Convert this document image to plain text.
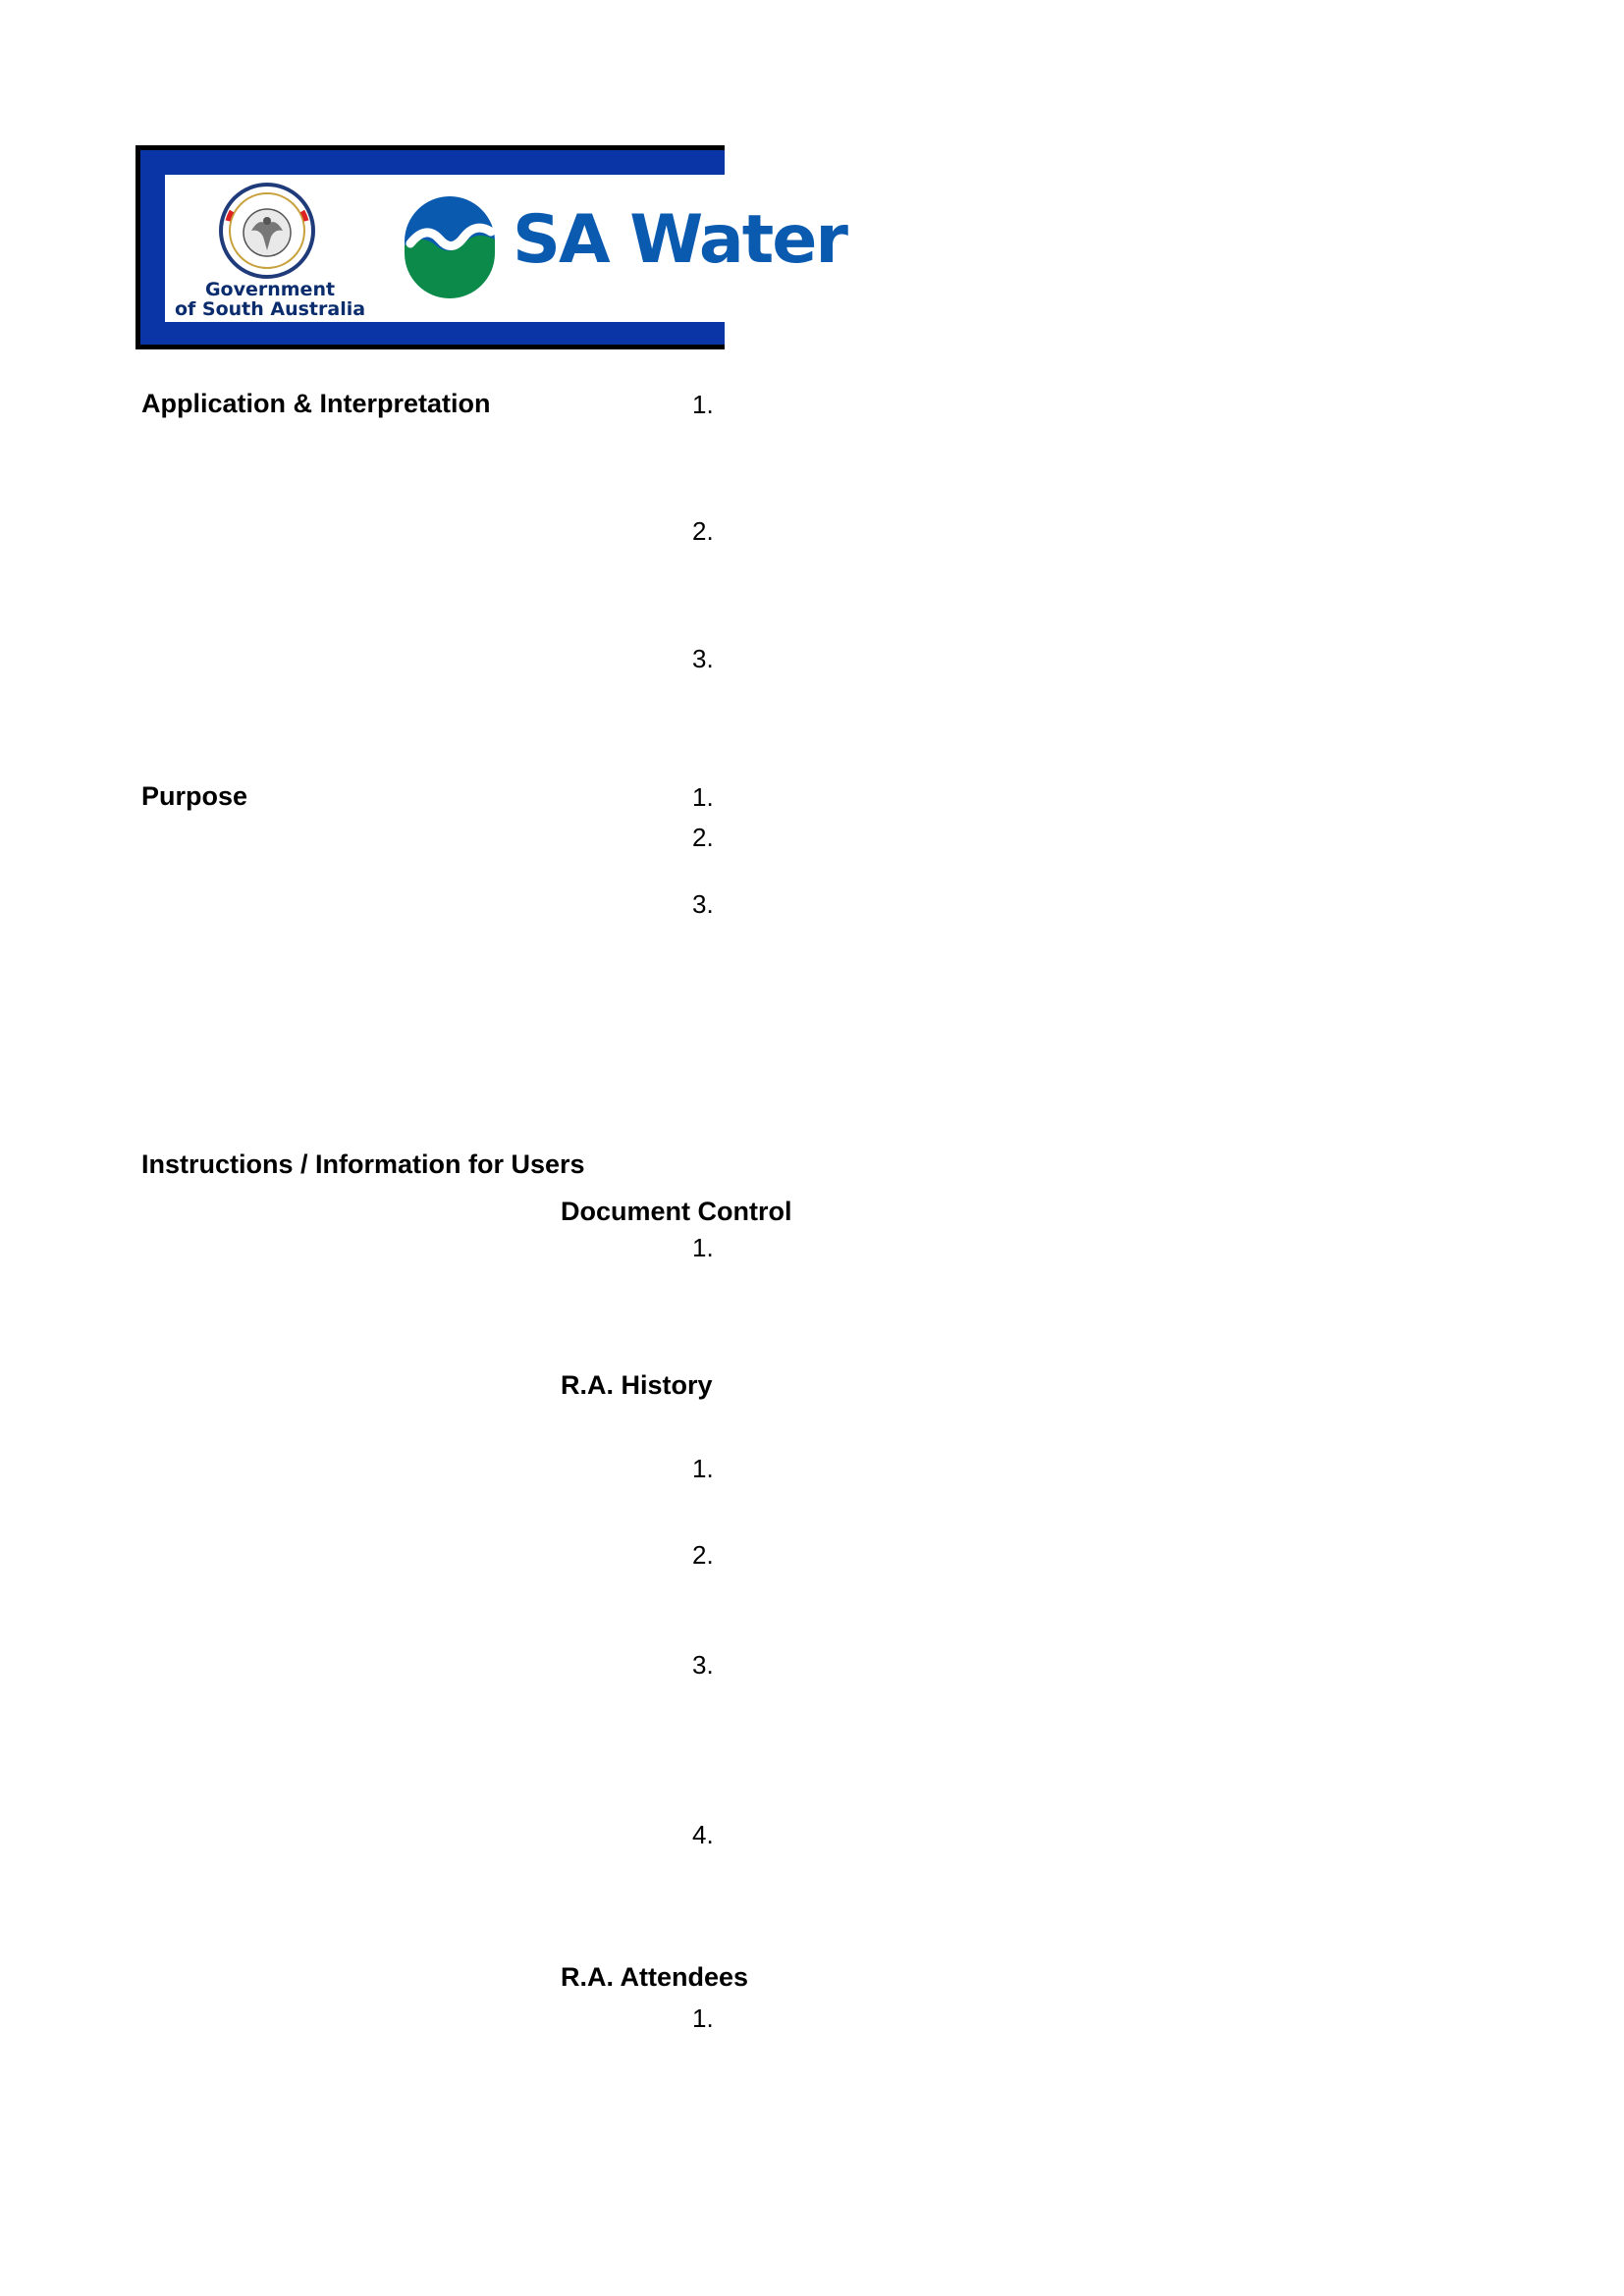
Government
of South Australia
SA Water
Application & Interpretation	1.
2.
3.
Purpose	1.
2.
3.
Instructions / Information for Users
Document Control
1.
R.A. History
1.
2.
3.
4.
R.A. Attendees
1.
